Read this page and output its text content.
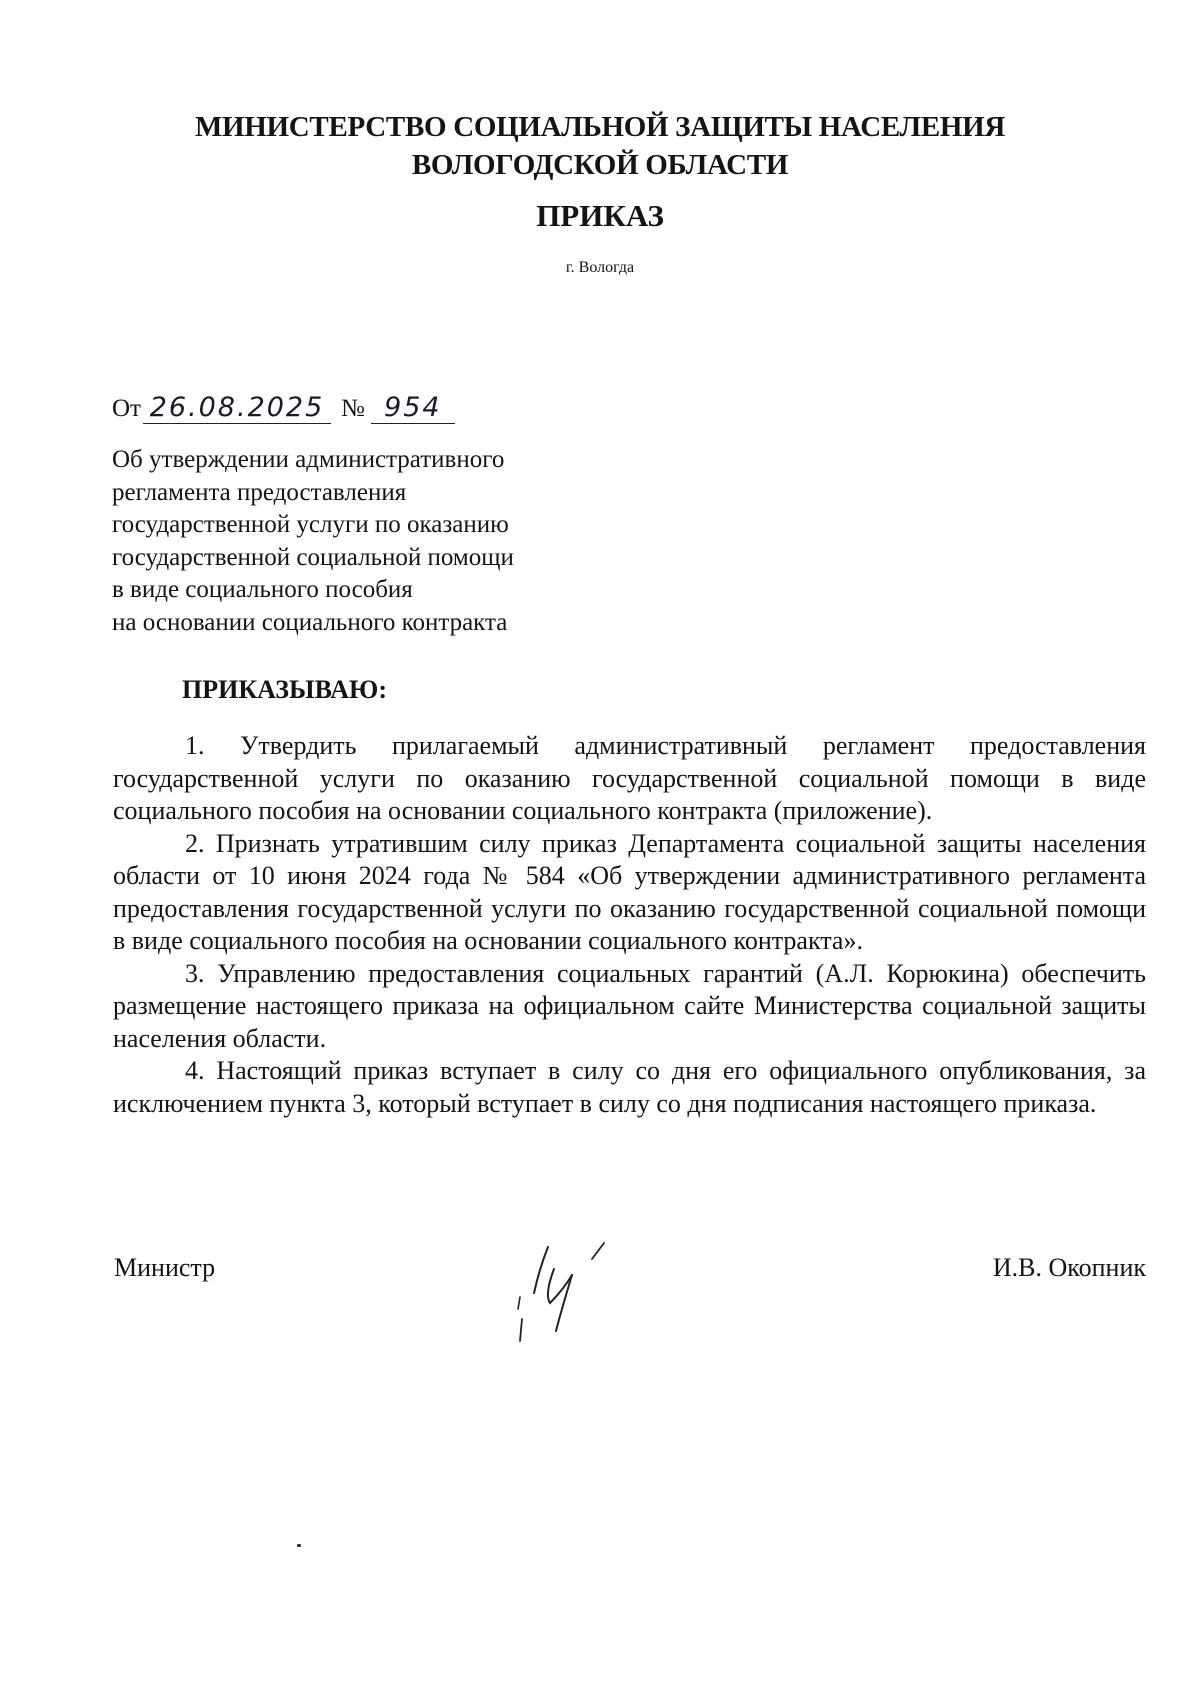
МИНИСТЕРСТВО СОЦИАЛЬНОЙ ЗАЩИТЫ НАСЕЛЕНИЯ
ВОЛОГОДСКОЙ ОБЛАСТИ
ПРИКАЗ
г. Вологда
От 26.08.2025 № 954
Об утверждении административного
регламента предоставления
государственной услуги по оказанию
государственной социальной помощи
в виде социального пособия
на основании социального контракта
ПРИКАЗЫВАЮ:

1. Утвердить прилагаемый административный регламент предоставления государственной услуги по оказанию государственной социальной помощи в виде социального пособия на основании социального контракта (приложение).

2. Признать утратившим силу приказ Департамента социальной защиты населения области от 10 июня 2024 года № 584 «Об утверждении административного регламента предоставления государственной услуги по оказанию государственной социальной помощи в виде социального пособия на основании социального контракта».

3. Управлению предоставления социальных гарантий (А.Л. Корюкина) обеспечить размещение настоящего приказа на официальном сайте Министерства социальной защиты населения области.

4. Настоящий приказ вступает в силу со дня его официального опубликования, за исключением пункта 3, который вступает в силу со дня подписания настоящего приказа.

Министр	И.В. Окопник
